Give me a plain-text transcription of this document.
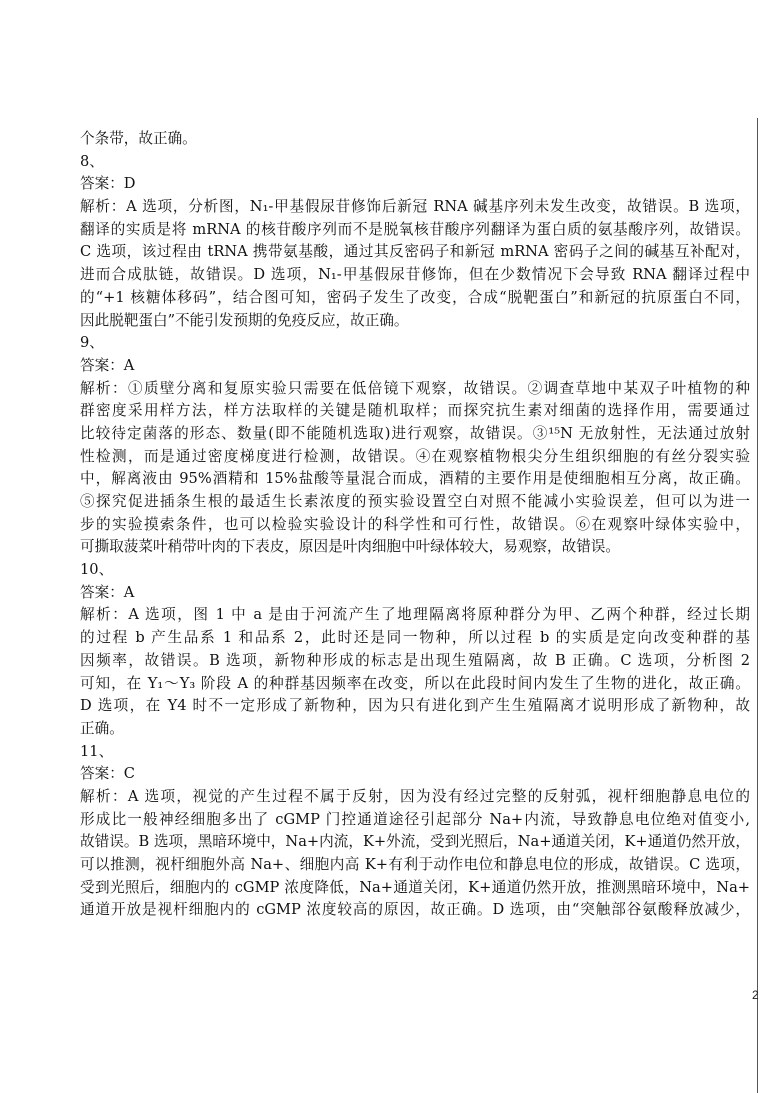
个条带，故正确。
8、
答案：D
解析：A 选项，分析图，N₁-甲基假尿苷修饰后新冠 RNA 碱基序列未发生改变，故错误。B 选项，
翻译的实质是将 mRNA 的核苷酸序列而不是脱氧核苷酸序列翻译为蛋白质的氨基酸序列，故错误。
C 选项，该过程由 tRNA 携带氨基酸，通过其反密码子和新冠 mRNA 密码子之间的碱基互补配对，
进而合成肽链，故错误。D 选项，N₁-甲基假尿苷修饰，但在少数情况下会导致 RNA 翻译过程中
的“+1 核糖体移码”，结合图可知，密码子发生了改变，合成“脱靶蛋白”和新冠的抗原蛋白不同，
因此脱靶蛋白”不能引发预期的免疫反应，故正确。
9、
答案：A
解析：①质壁分离和复原实验只需要在低倍镜下观察，故错误。②调查草地中某双子叶植物的种
群密度采用样方法，样方法取样的关键是随机取样；而探究抗生素对细菌的选择作用，需要通过
比较待定菌落的形态、数量(即不能随机选取)进行观察，故错误。③¹⁵N 无放射性，无法通过放射
性检测，而是通过密度梯度进行检测，故错误。④在观察植物根尖分生组织细胞的有丝分裂实验
中，解离液由 95%酒精和 15%盐酸等量混合而成，酒精的主要作用是使细胞相互分离，故正确。
⑤探究促进插条生根的最适生长素浓度的预实验设置空白对照不能减小实验误差，但可以为进一
步的实验摸索条件，也可以检验实验设计的科学性和可行性，故错误。⑥在观察叶绿体实验中，
可撕取菠菜叶稍带叶肉的下表皮，原因是叶肉细胞中叶绿体较大，易观察，故错误。
10、
答案：A
解析：A 选项，图 1 中 a 是由于河流产生了地理隔离将原种群分为甲、乙两个种群，经过长期
的过程 b 产生品系 1 和品系 2，此时还是同一物种，所以过程 b 的实质是定向改变种群的基
因频率，故错误。B 选项，新物种形成的标志是出现生殖隔离，故 B 正确。C 选项，分析图 2
可知，在 Y₁～Y₃ 阶段 A 的种群基因频率在改变，所以在此段时间内发生了生物的进化，故正确。
D 选项，在 Y4 时不一定形成了新物种，因为只有进化到产生生殖隔离才说明形成了新物种，故
正确。
11、
答案：C
解析：A 选项，视觉的产生过程不属于反射，因为没有经过完整的反射弧，视杆细胞静息电位的
形成比一般神经细胞多出了 cGMP 门控通道途径引起部分 Na+内流，导致静息电位绝对值变小,
故错误。B 选项，黑暗环境中，Na+内流，K+外流，受到光照后，Na+通道关闭，K+通道仍然开放，
可以推测，视杆细胞外高 Na+、细胞内高 K+有利于动作电位和静息电位的形成，故错误。C 选项，
受到光照后，细胞内的 cGMP 浓度降低，Na+通道关闭，K+通道仍然开放，推测黑暗环境中，Na+
通道开放是视杆细胞内的 cGMP 浓度较高的原因，故正确。D 选项，由“突触部谷氨酸释放减少，
2
